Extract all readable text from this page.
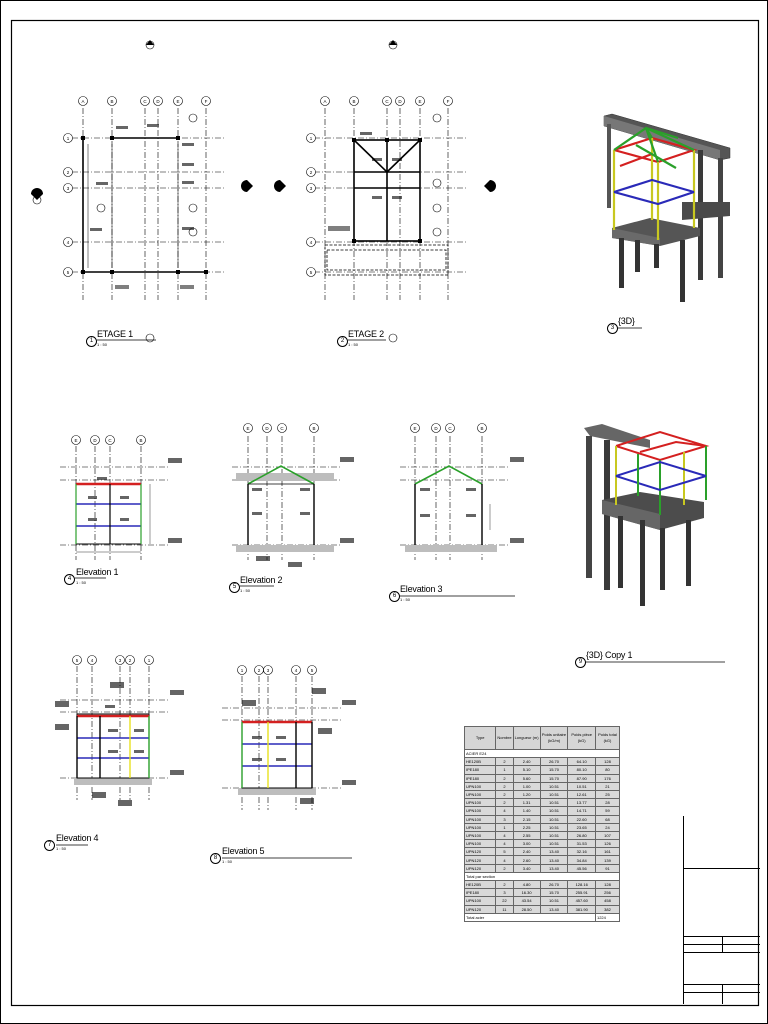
A	B	C D	E	F
1
2
3
4
5
A	B	C D	E	F
1
2
3
4
5
E	D	C	B
E	D	C	B	E	D C	B
5	4	3 2	1
1	2 3	4	5
1
ETAGE 1
1 : 50
2
ETAGE 2
1 : 50
3
{3D}
4
Elevation 1
1 : 50
5
Elevation 2
1 : 50
6
Elevation 3
1 : 50
9
{3D} Copy 1
7
Elevation 4
1 : 50
8
Elevation 5
1 : 50
Type	Nombre	Longueur (m)	Poids unitaire (kG/m)	Poids pièce (kG)	Poids total (kG)
ACIER E24					
HE120B	2	2.40	26.70	64.10	128
IPE180	1	5.10	15.70	80.10	80
IPE180	2	5.60	15.70	87.90	176
UPN100	2	1.00	10.51	10.51	21
UPN100	2	1.20	10.51	12.61	25
UPN100	2	1.31	10.51	13.77	28
UPN100	4	1.40	10.51	14.71	59
UPN100	3	2.15	10.51	22.60	68
UPN100	1	2.25	10.51	23.65	24
UPN100	4	2.55	10.51	26.80	107
UPN100	4	3.00	10.51	31.53	126
UPN120	5	2.40	13.40	32.16	161
UPN120	4	2.60	13.40	34.84	139
UPN120	2	3.40	13.40	45.56	91
Total par section					
HE120B	2	4.80	26.70	128.16	128
IPE180	3	16.30	15.70	255.91	256
UPN100	22	43.54	10.51	457.60	458
UPN120	11	28.50	13.40	381.90	382
Total acier					1224
